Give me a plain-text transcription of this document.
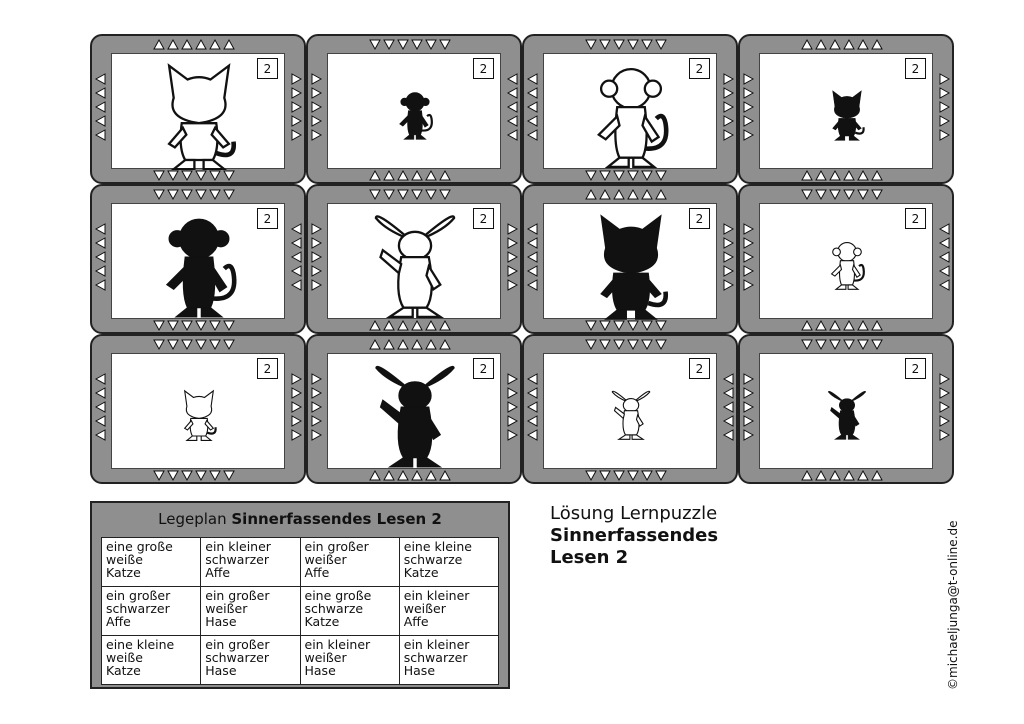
2	2	2	2
2	2	2	2
2	2	2	2
Legeplan Sinnerfassendes Lesen 2
eine große
weiße
Katze	ein kleiner
schwarzer
Affe	ein großer
weißer
Affe	eine kleine
schwarze
Katze
ein großer
schwarzer
Affe	ein großer
weißer
Hase	eine große
schwarze
Katze	ein kleiner
weißer
Affe
eine kleine
weiße
Katze	ein großer
schwarzer
Hase	ein kleiner
weißer
Hase	ein kleiner
schwarzer
Hase
Lösung Lernpuzzle
Sinnerfassendes
Lesen 2	©michaeljunga@t-online.de
